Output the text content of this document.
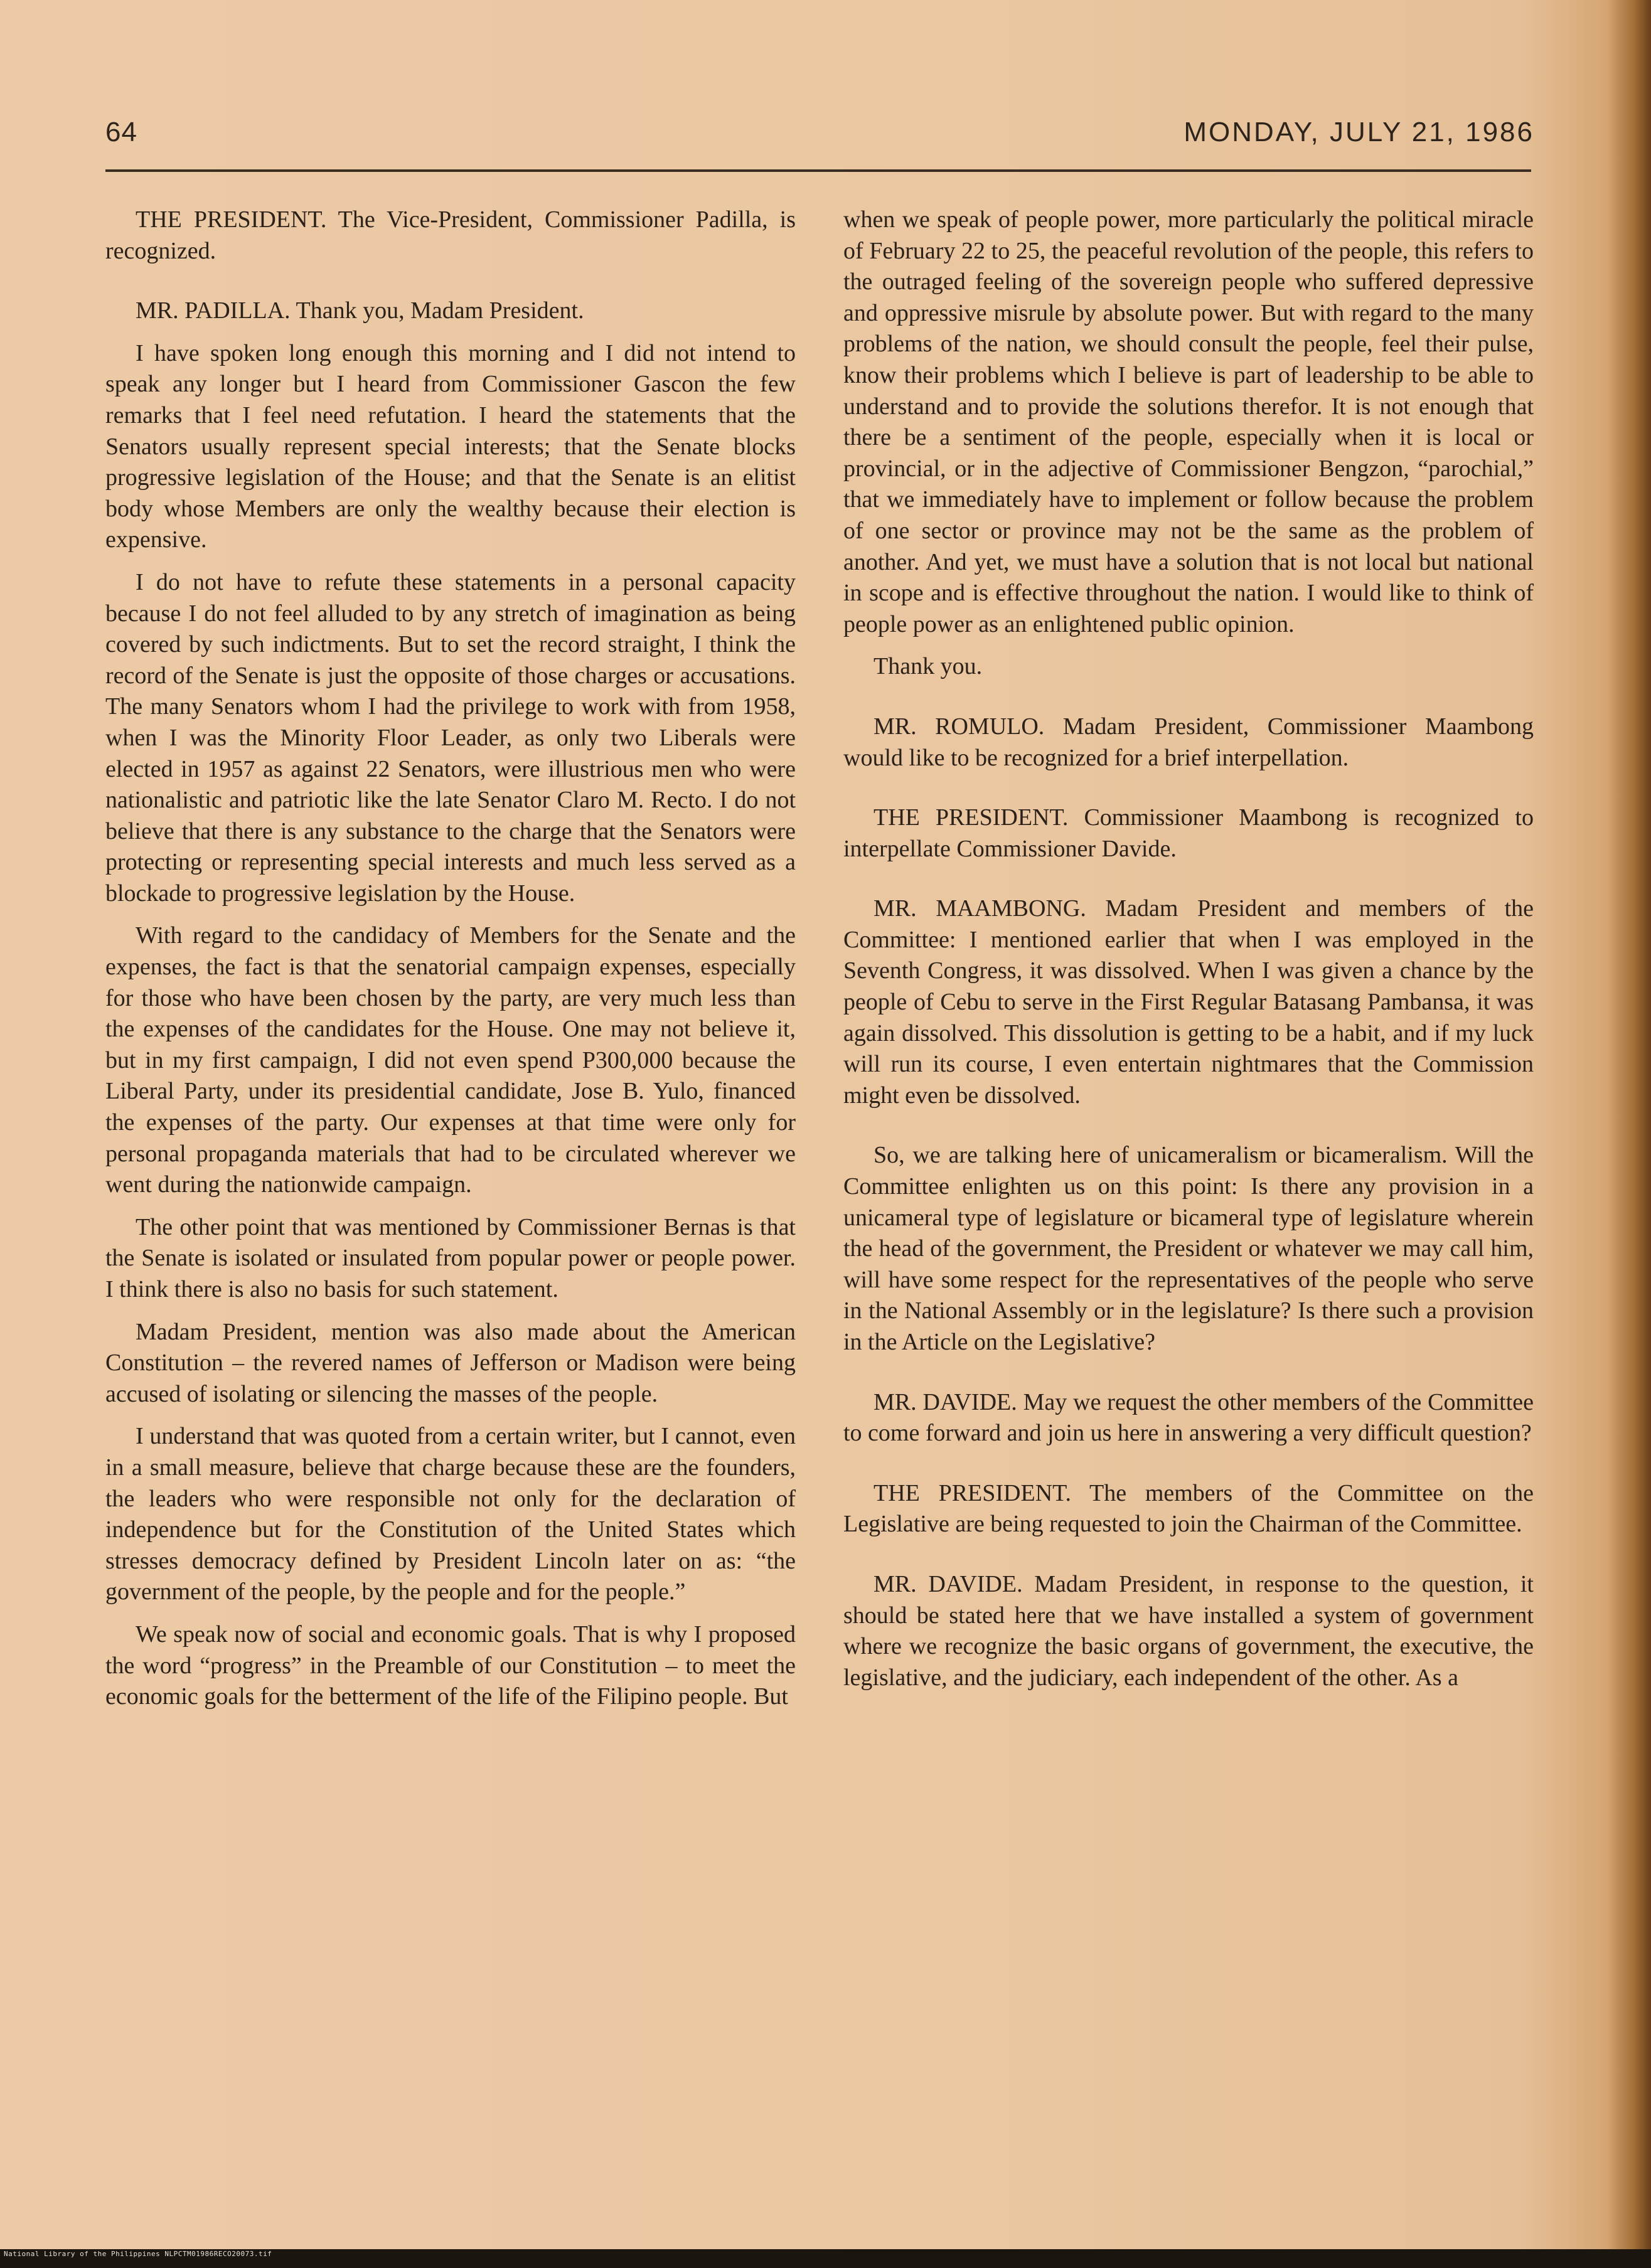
64	MONDAY, JULY 21, 1986

THE PRESIDENT. The Vice-President, Commissioner Padilla, is recognized.

MR. PADILLA. Thank you, Madam President.

I have spoken long enough this morning and I did not intend to speak any longer but I heard from Commissioner Gascon the few remarks that I feel need refutation. I heard the statements that the Senators usually represent special interests; that the Senate blocks progressive legislation of the House; and that the Senate is an elitist body whose Members are only the wealthy because their election is expensive.

I do not have to refute these statements in a personal capacity because I do not feel alluded to by any stretch of imagination as being covered by such indictments. But to set the record straight, I think the record of the Senate is just the opposite of those charges or accusations. The many Senators whom I had the privilege to work with from 1958, when I was the Minority Floor Leader, as only two Liberals were elected in 1957 as against 22 Senators, were illustrious men who were nationalistic and patriotic like the late Senator Claro M. Recto. I do not believe that there is any substance to the charge that the Senators were protecting or representing special interests and much less served as a blockade to progressive legislation by the House.

With regard to the candidacy of Members for the Senate and the expenses, the fact is that the senatorial campaign expenses, especially for those who have been chosen by the party, are very much less than the expenses of the candidates for the House. One may not believe it, but in my first campaign, I did not even spend P300,000 because the Liberal Party, under its presidential candidate, Jose B. Yulo, financed the expenses of the party. Our expenses at that time were only for personal propaganda materials that had to be circulated wherever we went during the nationwide campaign.

The other point that was mentioned by Commissioner Bernas is that the Senate is isolated or insulated from popular power or people power. I think there is also no basis for such statement.

Madam President, mention was also made about the American Constitution – the revered names of Jefferson or Madison were being accused of isolating or silencing the masses of the people.

I understand that was quoted from a certain writer, but I cannot, even in a small measure, believe that charge because these are the founders, the leaders who were responsible not only for the declaration of independence but for the Constitution of the United States which stresses democracy defined by President Lincoln later on as: “the government of the people, by the people and for the people.”

We speak now of social and economic goals. That is why I proposed the word “progress” in the Preamble of our Constitution – to meet the economic goals for the betterment of the life of the Filipino people. But

when we speak of people power, more particularly the political miracle of February 22 to 25, the peaceful revolution of the people, this refers to the outraged feeling of the sovereign people who suffered depressive and oppressive misrule by absolute power. But with regard to the many problems of the nation, we should consult the people, feel their pulse, know their problems which I believe is part of leadership to be able to understand and to provide the solutions therefor. It is not enough that there be a sentiment of the people, especially when it is local or provincial, or in the adjective of Commissioner Bengzon, “parochial,” that we immediately have to implement or follow because the problem of one sector or province may not be the same as the problem of another. And yet, we must have a solution that is not local but national in scope and is effective throughout the nation. I would like to think of people power as an enlightened public opinion.

Thank you.

MR. ROMULO. Madam President, Commissioner Maambong would like to be recognized for a brief interpellation.

THE PRESIDENT. Commissioner Maambong is recognized to interpellate Commissioner Davide.

MR. MAAMBONG. Madam President and members of the Committee: I mentioned earlier that when I was employed in the Seventh Congress, it was dissolved. When I was given a chance by the people of Cebu to serve in the First Regular Batasang Pambansa, it was again dissolved. This dissolution is getting to be a habit, and if my luck will run its course, I even entertain nightmares that the Commission might even be dissolved.

So, we are talking here of unicameralism or bicameralism. Will the Committee enlighten us on this point: Is there any provision in a unicameral type of legislature or bicameral type of legislature wherein the head of the government, the President or whatever we may call him, will have some respect for the representatives of the people who serve in the National Assembly or in the legislature? Is there such a provision in the Article on the Legislative?

MR. DAVIDE. May we request the other members of the Committee to come forward and join us here in answering a very difficult question?

THE PRESIDENT. The members of the Committee on the Legislative are being requested to join the Chairman of the Committee.

MR. DAVIDE. Madam President, in response to the question, it should be stated here that we have installed a system of government where we recognize the basic organs of government, the executive, the legislative, and the judiciary, each independent of the other. As a

National Library of the Philippines NLPCTM01986RECO20073.tif
